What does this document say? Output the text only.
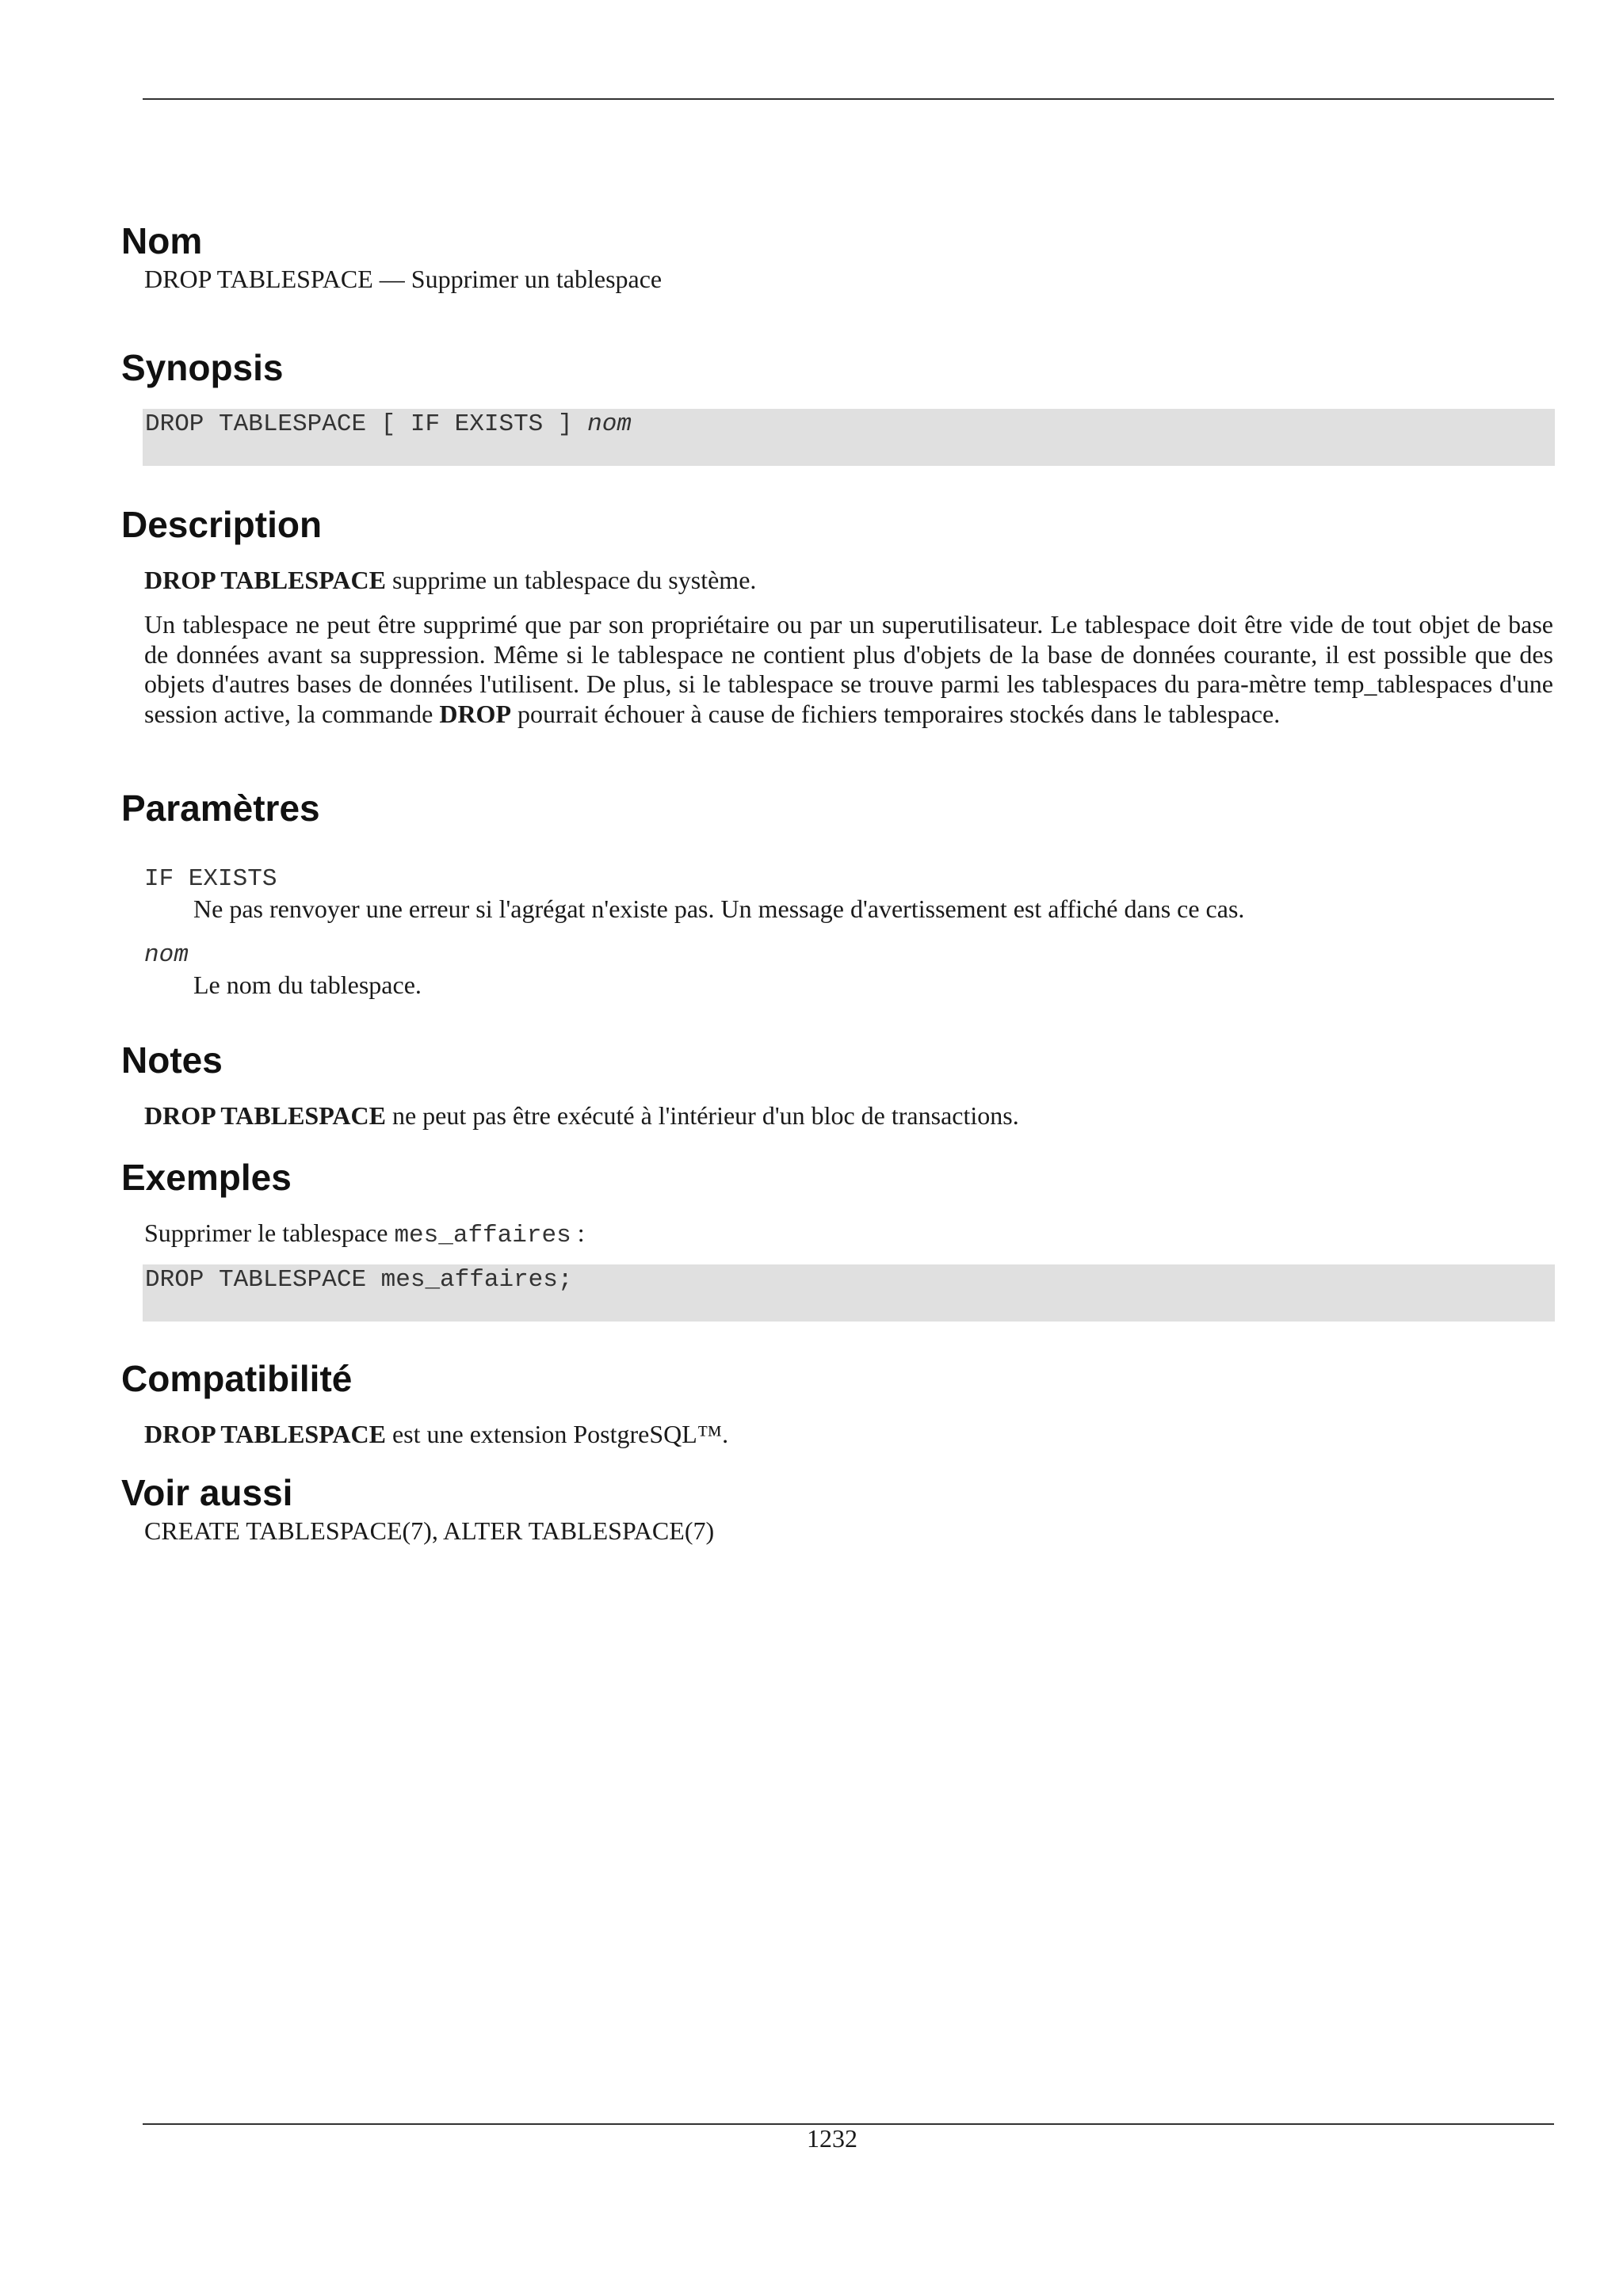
Nom

DROP TABLESPACE — Supprimer un tablespace

Synopsis
DROP TABLESPACE [ IF EXISTS ] nom
Description

DROP TABLESPACE supprime un tablespace du système.

Un tablespace ne peut être supprimé que par son propriétaire ou par un superutilisateur. Le tablespace doit être vide de tout objet de base de données avant sa suppression. Même si le tablespace ne contient plus d'objets de la base de données courante, il est possible que des objets d'autres bases de données l'utilisent. De plus, si le tablespace se trouve parmi les tablespaces du para-mètre temp_tablespaces d'une session active, la commande DROP pourrait échouer à cause de fichiers temporaires stockés dans le tablespace.

Paramètres
IF EXISTS
Ne pas renvoyer une erreur si l'agrégat n'existe pas. Un message d'avertissement est affiché dans ce cas.
nom
Le nom du tablespace.
Notes

DROP TABLESPACE ne peut pas être exécuté à l'intérieur d'un bloc de transactions.

Exemples

Supprimer le tablespace mes_affaires :

DROP TABLESPACE mes_affaires;
Compatibilité

DROP TABLESPACE est une extension PostgreSQL™.

Voir aussi

CREATE TABLESPACE(7), ALTER TABLESPACE(7)

1232
